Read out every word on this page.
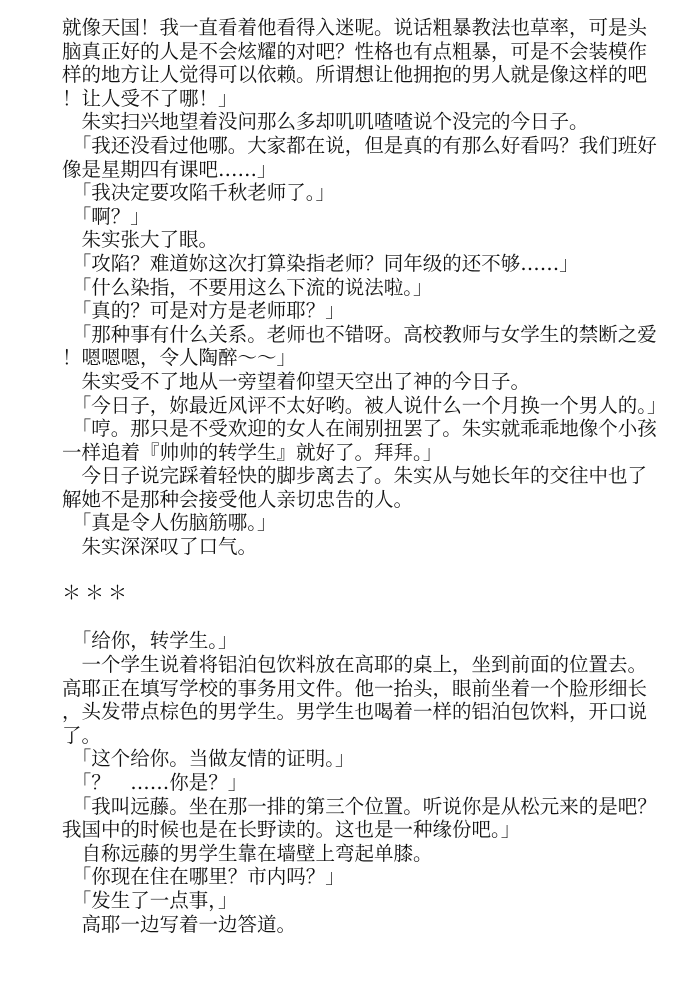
就像天国！我一直看着他看得入迷呢。说话粗暴教法也草率，可是头脑真正好的人是不会炫耀的对吧？性格也有点粗暴，可是不会装模作样的地方让人觉得可以依赖。所谓想让他拥抱的男人就是像这样的吧！让人受不了哪！」

　朱实扫兴地望着没问那么多却叽叽喳喳说个没完的今日子。

　「我还没看过他哪。大家都在说，但是真的有那么好看吗？我们班好像是星期四有课吧……」

　「我决定要攻陷千秋老师了。」

　「啊？」

　朱实张大了眼。

　「攻陷？难道妳这次打算染指老师？同年级的还不够……」

　「什么染指，不要用这么下流的说法啦。」

　「真的？可是对方是老师耶？」

　「那种事有什么关系。老师也不错呀。高校教师与女学生的禁断之爱！嗯嗯嗯，令人陶醉～～」

　朱实受不了地从一旁望着仰望天空出了神的今日子。

　「今日子，妳最近风评不太好哟。被人说什么一个月换一个男人的。」

　「哼。那只是不受欢迎的女人在闹别扭罢了。朱实就乖乖地像个小孩一样追着『帅帅的转学生』就好了。拜拜。」

　今日子说完踩着轻快的脚步离去了。朱实从与她长年的交往中也了解她不是那种会接受他人亲切忠告的人。

　「真是令人伤脑筋哪。」

　朱实深深叹了口气。

＊＊＊

　「给你，转学生。」

　一个学生说着将铝泊包饮料放在高耶的桌上，坐到前面的位置去。高耶正在填写学校的事务用文件。他一抬头，眼前坐着一个脸形细长，头发带点棕色的男学生。男学生也喝着一样的铝泊包饮料，开口说了。

　「这个给你。当做友情的证明。」

　「？　……你是？」

　「我叫远藤。坐在那一排的第三个位置。听说你是从松元来的是吧？我国中的时候也是在长野读的。这也是一种缘份吧。」

　自称远藤的男学生靠在墙壁上弯起单膝。

　「你现在住在哪里？市内吗？」

　「发生了一点事，」

　高耶一边写着一边答道。
